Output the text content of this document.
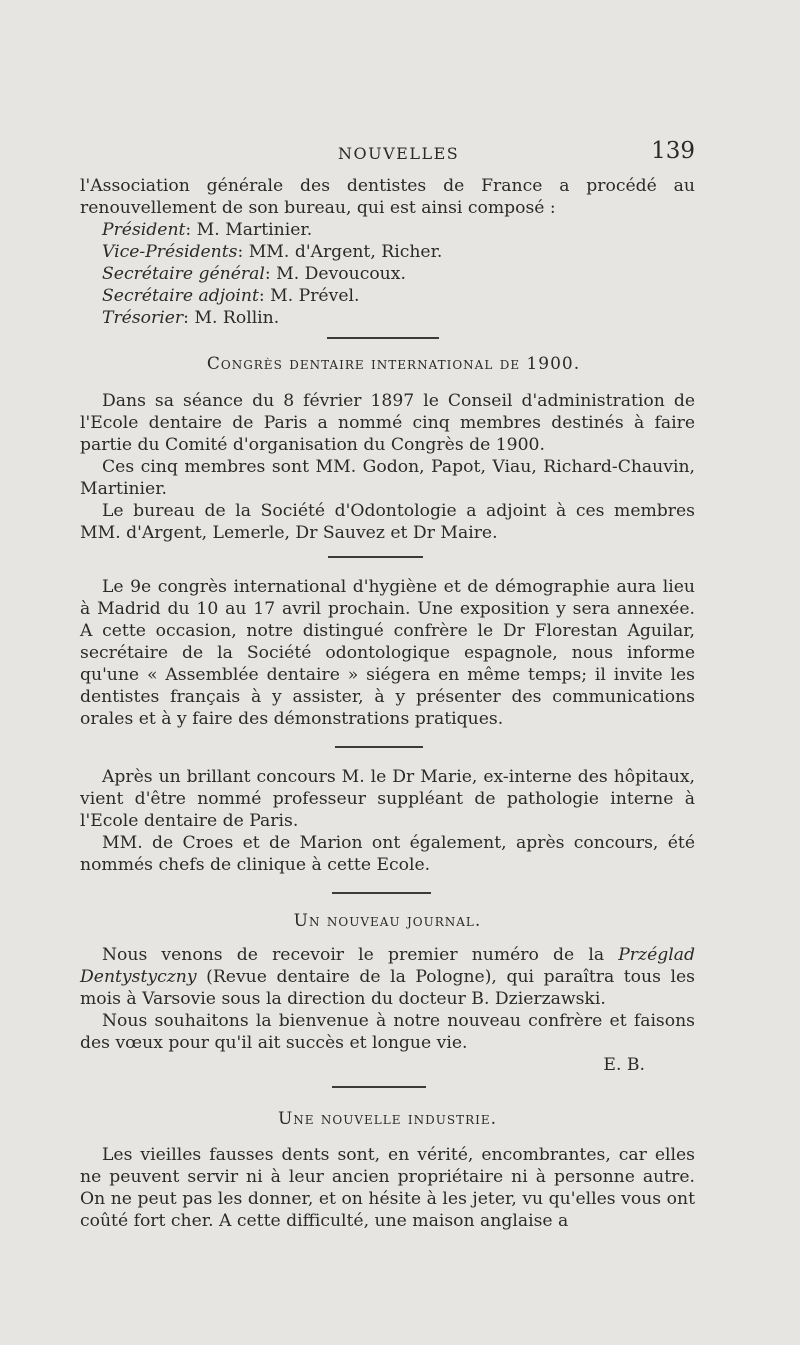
NOUVELLES	139

l'Association générale des dentistes de France a procédé au renouvellement de son bureau, qui est ainsi composé :

Président: M. Martinier.

Vice-Présidents: MM. d'Argent, Richer.

Secrétaire général: M. Devoucoux.

Secrétaire adjoint: M. Prével.

Trésorier: M. Rollin.

Congrès dentaire international de 1900.

Dans sa séance du 8 février 1897 le Conseil d'administration de l'Ecole dentaire de Paris a nommé cinq membres destinés à faire partie du Comité d'organisation du Congrès de 1900.

Ces cinq membres sont MM. Godon, Papot, Viau, Richard-Chauvin, Martinier.

Le bureau de la Société d'Odontologie a adjoint à ces membres MM. d'Argent, Lemerle, Dr Sauvez et Dr Maire.

Le 9e congrès international d'hygiène et de démographie aura lieu à Madrid du 10 au 17 avril prochain. Une exposition y sera annexée. A cette occasion, notre distingué confrère le Dr Florestan Aguilar, secrétaire de la Société odontologique espagnole, nous informe qu'une « Assemblée dentaire » siégera en même temps; il invite les dentistes français à y assister, à y présenter des communications orales et à y faire des démonstrations pratiques.

Après un brillant concours M. le Dr Marie, ex-interne des hôpitaux, vient d'être nommé professeur suppléant de pathologie interne à l'Ecole dentaire de Paris.

MM. de Croes et de Marion ont également, après concours, été nommés chefs de clinique à cette Ecole.

Un nouveau journal.

Nous venons de recevoir le premier numéro de la Przéglad Dentystyczny (Revue dentaire de la Pologne), qui paraîtra tous les mois à Varsovie sous la direction du docteur B. Dzierzawski.

Nous souhaitons la bienvenue à notre nouveau confrère et faisons des vœux pour qu'il ait succès et longue vie.

E. B.

Une nouvelle industrie.

Les vieilles fausses dents sont, en vérité, encombrantes, car elles ne peuvent servir ni à leur ancien propriétaire ni à personne autre. On ne peut pas les donner, et on hésite à les jeter, vu qu'elles vous ont coûté fort cher. A cette difficulté, une maison anglaise a
